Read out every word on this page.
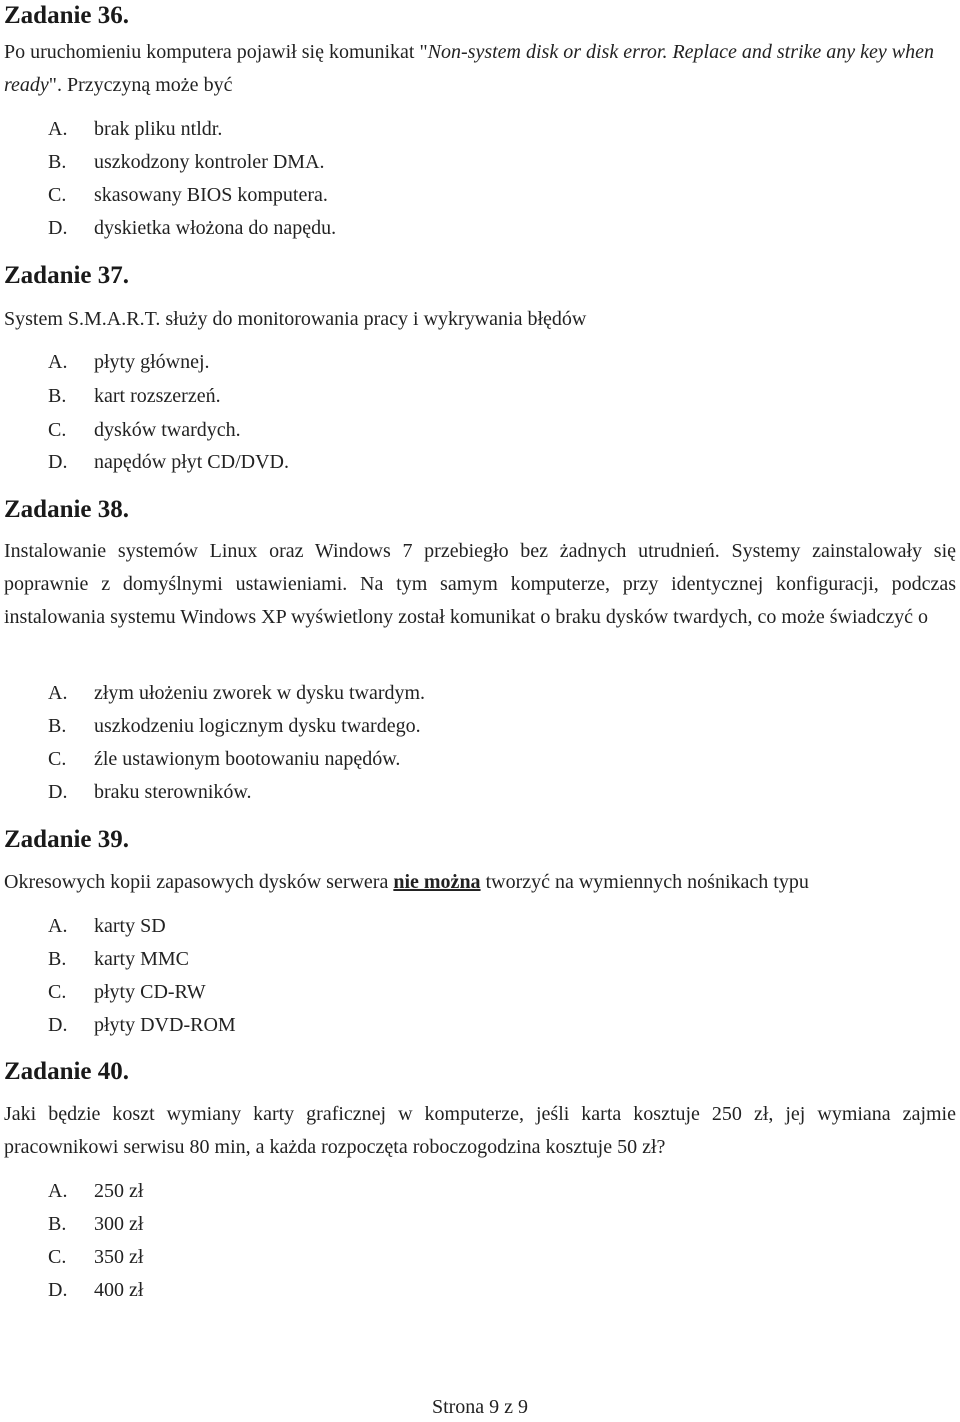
Zadanie 36.

Po uruchomieniu komputera pojawił się komunikat "Non-system disk or disk error. Replace and strike any key when ready". Przyczyną może być

A. brak pliku ntldr.
B. uszkodzony kontroler DMA.
C. skasowany BIOS komputera.
D. dyskietka włożona do napędu.
Zadanie 37.

System S.M.A.R.T. służy do monitorowania pracy i wykrywania błędów

A. płyty głównej.
B. kart rozszerzeń.
C. dysków twardych.
D. napędów płyt CD/DVD.
Zadanie 38.

Instalowanie systemów Linux oraz Windows 7 przebiegło bez żadnych utrudnień. Systemy zainstalowały się poprawnie z domyślnymi ustawieniami. Na tym samym komputerze, przy identycznej konfiguracji, podczas instalowania systemu Windows XP wyświetlony został komunikat o braku dysków twardych, co może świadczyć o

A. złym ułożeniu zworek w dysku twardym.
B. uszkodzeniu logicznym dysku twardego.
C. źle ustawionym bootowaniu napędów.
D. braku sterowników.
Zadanie 39.

Okresowych kopii zapasowych dysków serwera nie można tworzyć na wymiennych nośnikach typu

A. karty SD
B. karty MMC
C. płyty CD-RW
D. płyty DVD-ROM
Zadanie 40.

Jaki będzie koszt wymiany karty graficznej w komputerze, jeśli karta kosztuje 250 zł, jej wymiana zajmie pracownikowi serwisu 80 min, a każda rozpoczęta roboczogodzina kosztuje 50 zł?

A. 250 zł
B. 300 zł
C. 350 zł
D. 400 zł
Strona 9 z 9
